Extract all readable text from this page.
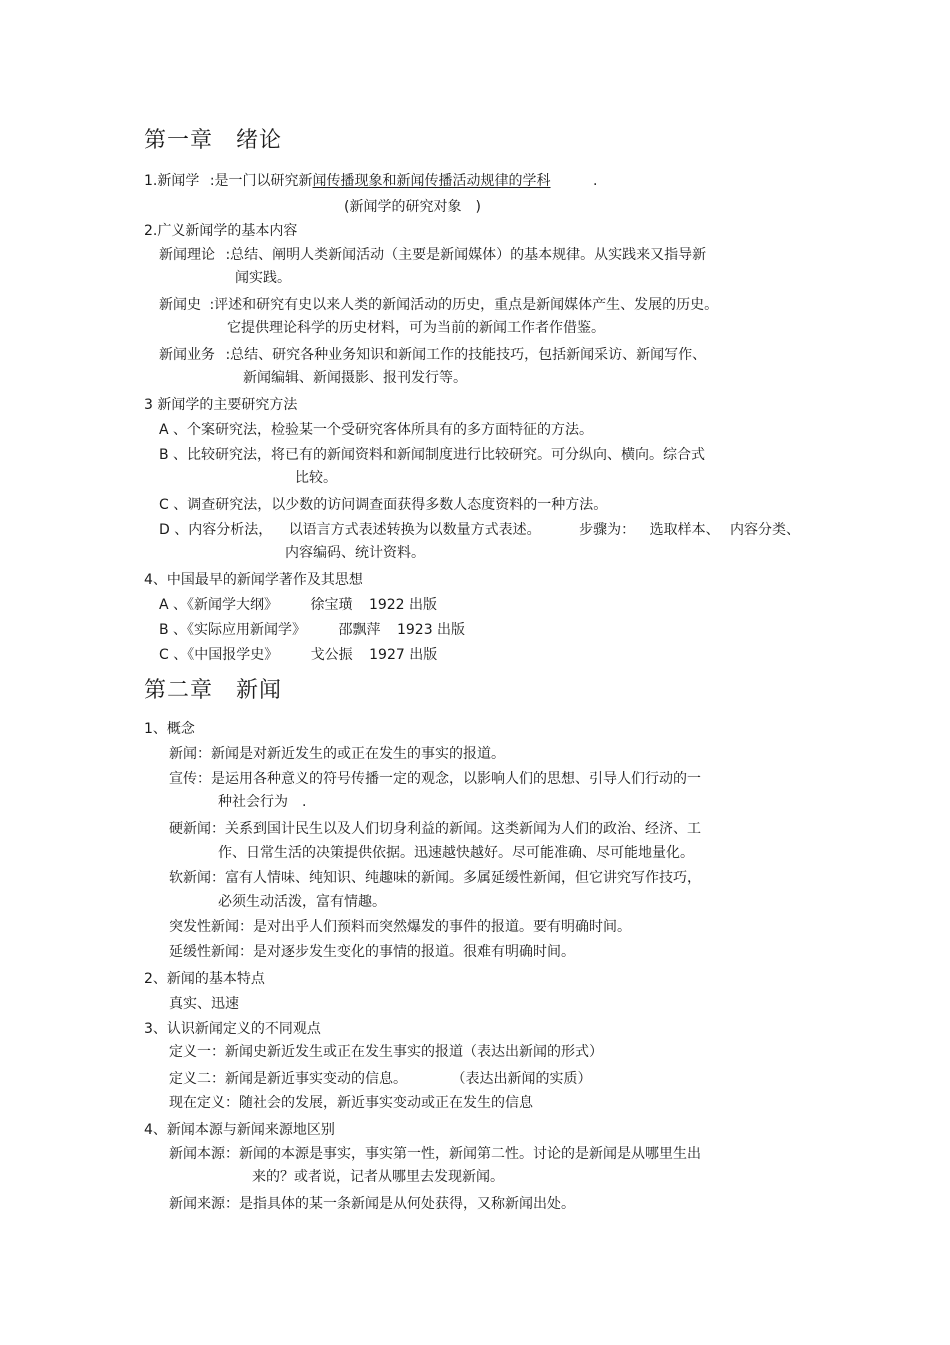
第一章　绪论
1.新闻学 :是一门以研究新闻传播现象和新闻传播活动规律的学科	.
(新闻学的研究对象　)
2.广义新闻学的基本内容
新闻理论 :总结、阐明人类新闻活动（主要是新闻媒体）的基本规律。从实践来又指导新
闻实践。
新闻史 :评述和研究有史以来人类的新闻活动的历史，重点是新闻媒体产生、发展的历史。
它提供理论科学的历史材料，可为当前的新闻工作者作借鉴。
新闻业务 :总结、研究各种业务知识和新闻工作的技能技巧，包括新闻采访、新闻写作、
新闻编辑、新闻摄影、报刊发行等。
3 新闻学的主要研究方法
A 、个案研究法，检验某一个受研究客体所具有的多方面特征的方法。
B 、比较研究法，将已有的新闻资料和新闻制度进行比较研究。可分纵向、横向。综合式
比较。
C 、调查研究法，以少数的访问调查面获得多数人态度资料的一种方法。
D 、内容分析法， 以语言方式表述转换为以数量方式表述。	步骤为： 选取样本、 内容分类、
内容编码、统计资料。
4、中国最早的新闻学著作及其思想
A 、《新闻学大纲》 徐宝璜 1922 出版
B 、《实际应用新闻学》 邵飘萍 1923 出版
C 、《中国报学史》 戈公振 1927 出版
第二章　新闻
1、概念
新闻：新闻是对新近发生的或正在发生的事实的报道。
宣传：是运用各种意义的符号传播一定的观念，以影响人们的思想、引导人们行动的一
种社会行为　.
硬新闻：关系到国计民生以及人们切身利益的新闻。这类新闻为人们的政治、经济、工
作、日常生活的决策提供依据。迅速越快越好。尽可能准确、尽可能地量化。
软新闻：富有人情味、纯知识、纯趣味的新闻。多属延缓性新闻，但它讲究写作技巧，
必须生动活泼，富有情趣。
突发性新闻：是对出乎人们预料而突然爆发的事件的报道。要有明确时间。
延缓性新闻：是对逐步发生变化的事情的报道。很难有明确时间。
2、新闻的基本特点
真实、迅速
3、认识新闻定义的不同观点
定义一：新闻史新近发生或正在发生事实的报道（表达出新闻的形式）
定义二：新闻是新近事实变动的信息。	（表达出新闻的实质）
现在定义：随社会的发展，新近事实变动或正在发生的信息
4、新闻本源与新闻来源地区别
新闻本源：新闻的本源是事实，事实第一性，新闻第二性。讨论的是新闻是从哪里生出
来的？或者说，记者从哪里去发现新闻。
新闻来源：是指具体的某一条新闻是从何处获得，又称新闻出处。
